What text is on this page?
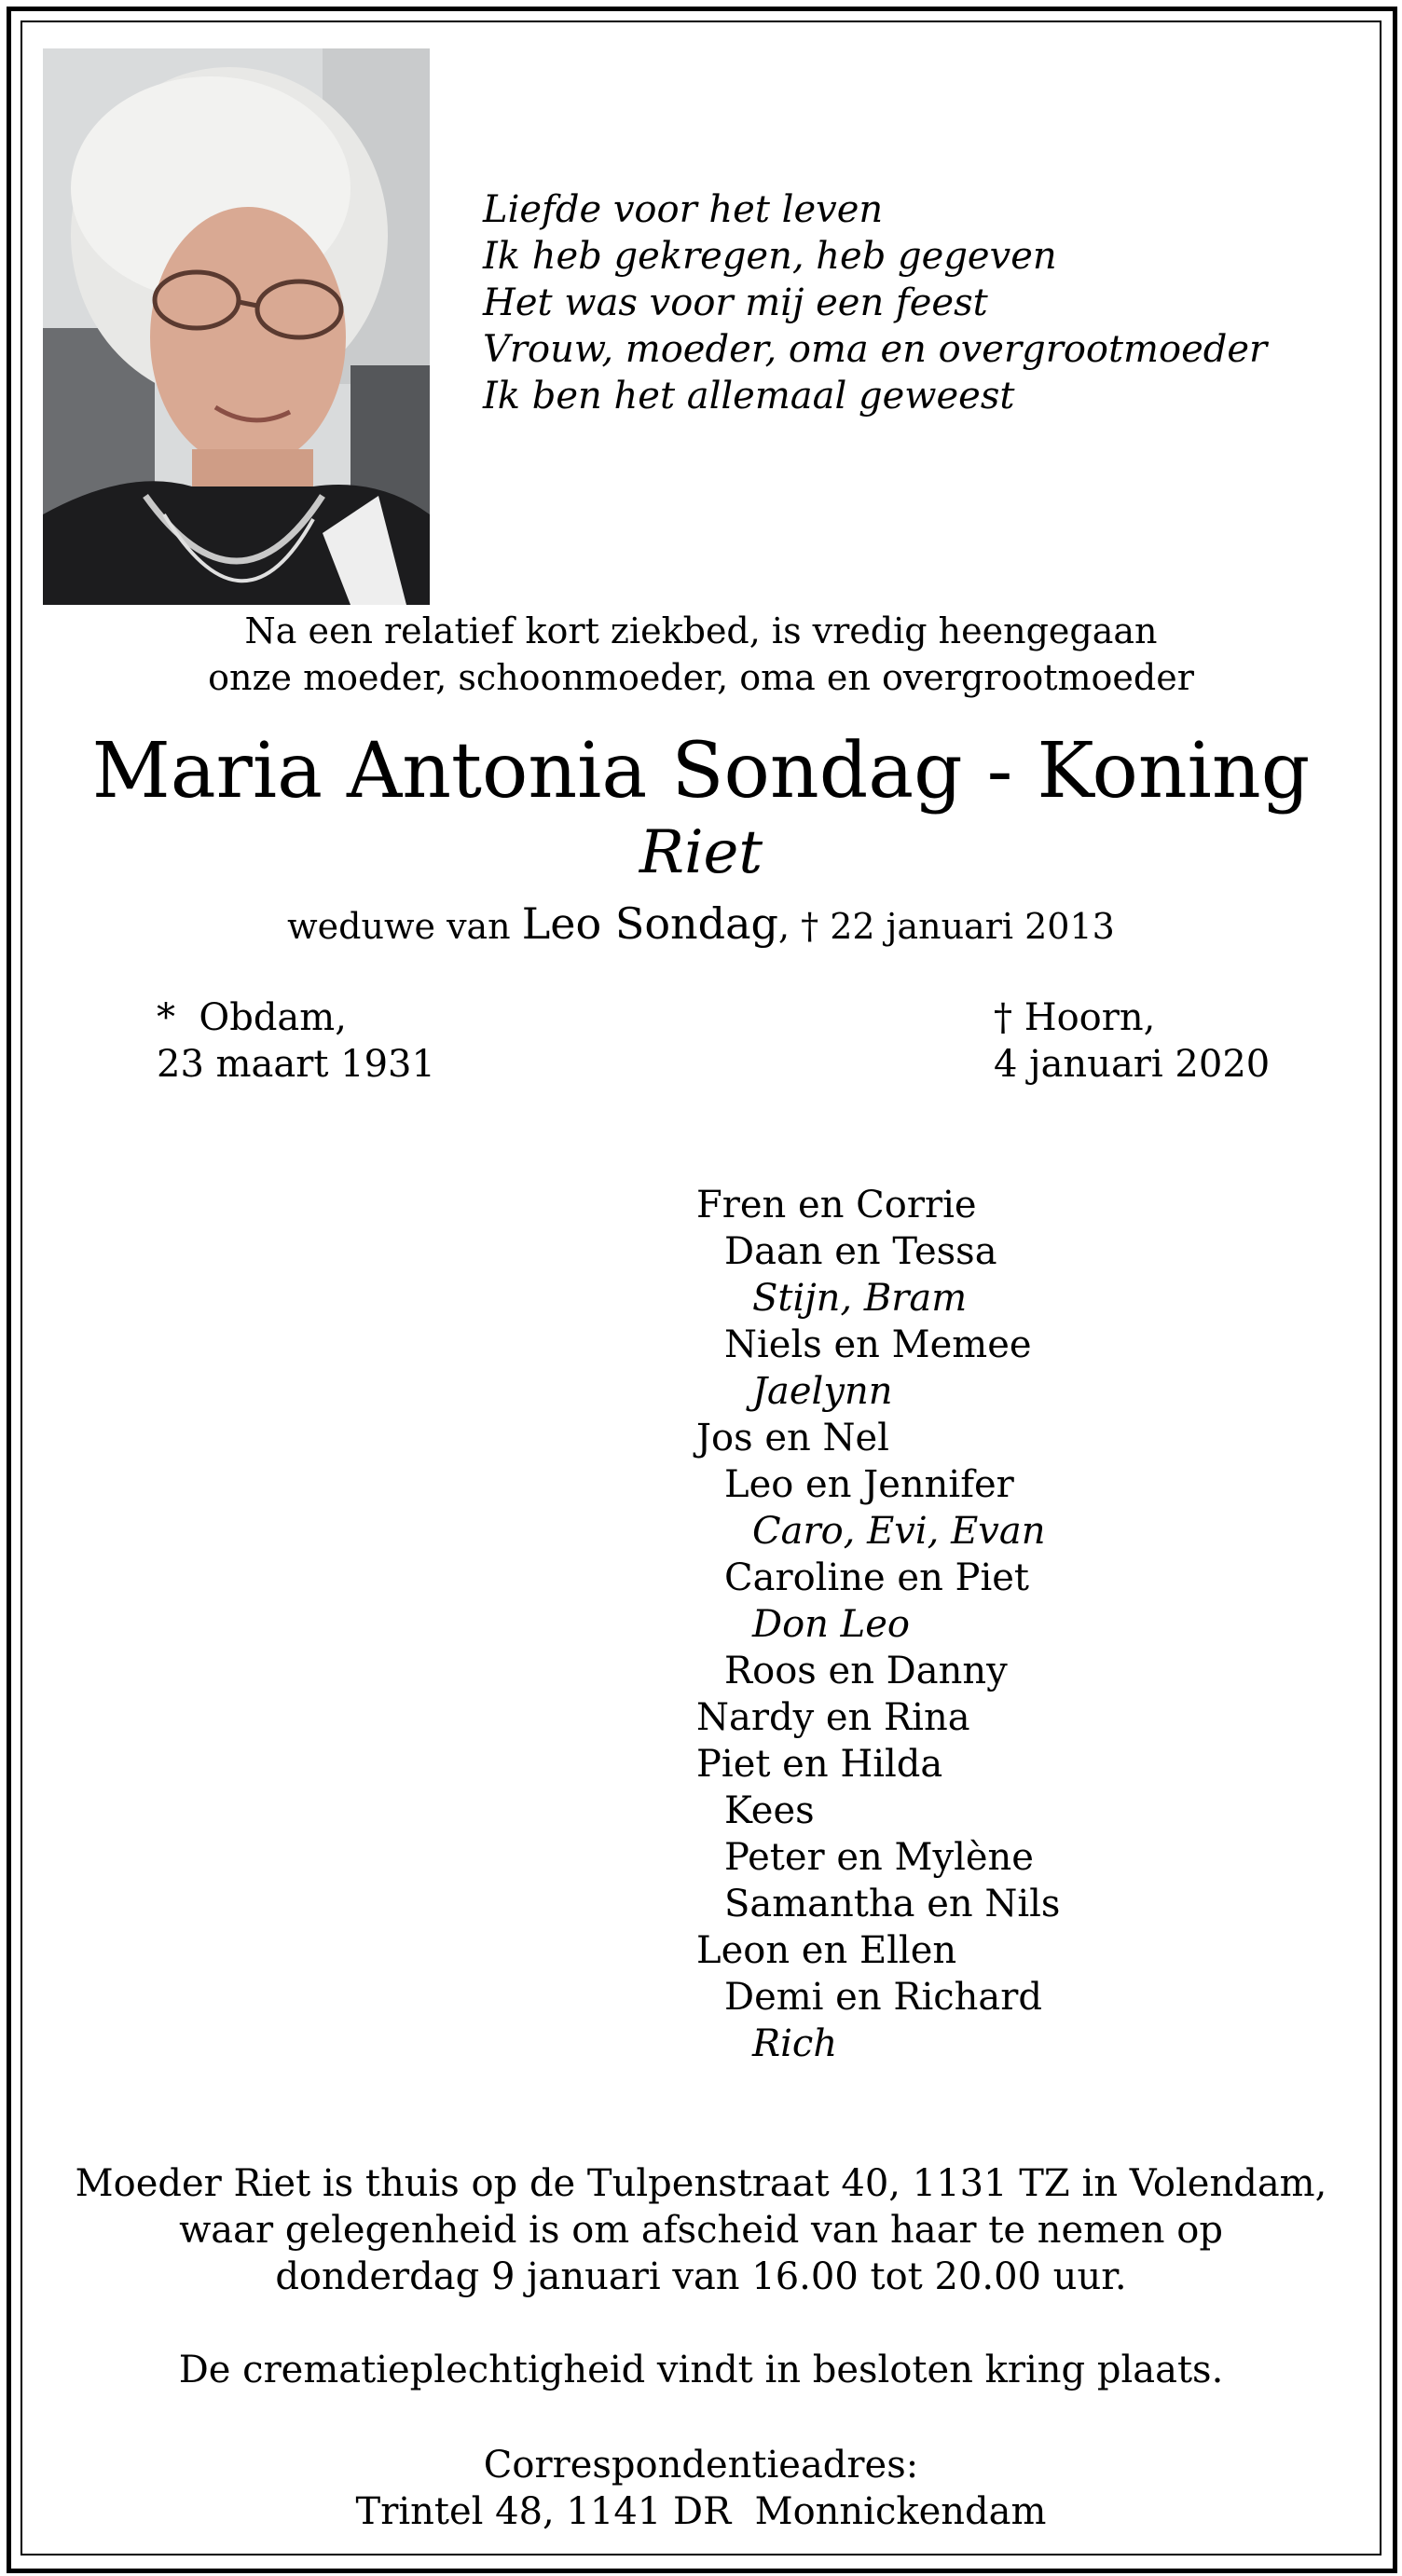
Liefde voor het leven
Ik heb gekregen, heb gegeven
Het was voor mij een feest
Vrouw, moeder, oma en overgrootmoeder
Ik ben het allemaal geweest
Na een relatief kort ziekbed, is vredig heengegaan
onze moeder, schoonmoeder, oma en overgrootmoeder
Maria Antonia Sondag - Koning
Riet
weduwe van Leo Sondag, † 22 januari 2013
*  Obdam,
23 maart 1931
† Hoorn,
4 januari 2020
Fren en Corrie
Daan en Tessa
Stijn, Bram
Niels en Memee
Jaelynn
Jos en Nel
Leo en Jennifer
Caro, Evi, Evan
Caroline en Piet
Don Leo
Roos en Danny
Nardy en Rina
Piet en Hilda
Kees
Peter en Mylène
Samantha en Nils
Leon en Ellen
Demi en Richard
Rich
Moeder Riet is thuis op de Tulpenstraat 40, 1131 TZ in Volendam,
waar gelegenheid is om afscheid van haar te nemen op
donderdag 9 januari van 16.00 tot 20.00 uur.
De crematieplechtigheid vindt in besloten kring plaats.
Correspondentieadres:
Trintel 48, 1141 DR  Monnickendam
